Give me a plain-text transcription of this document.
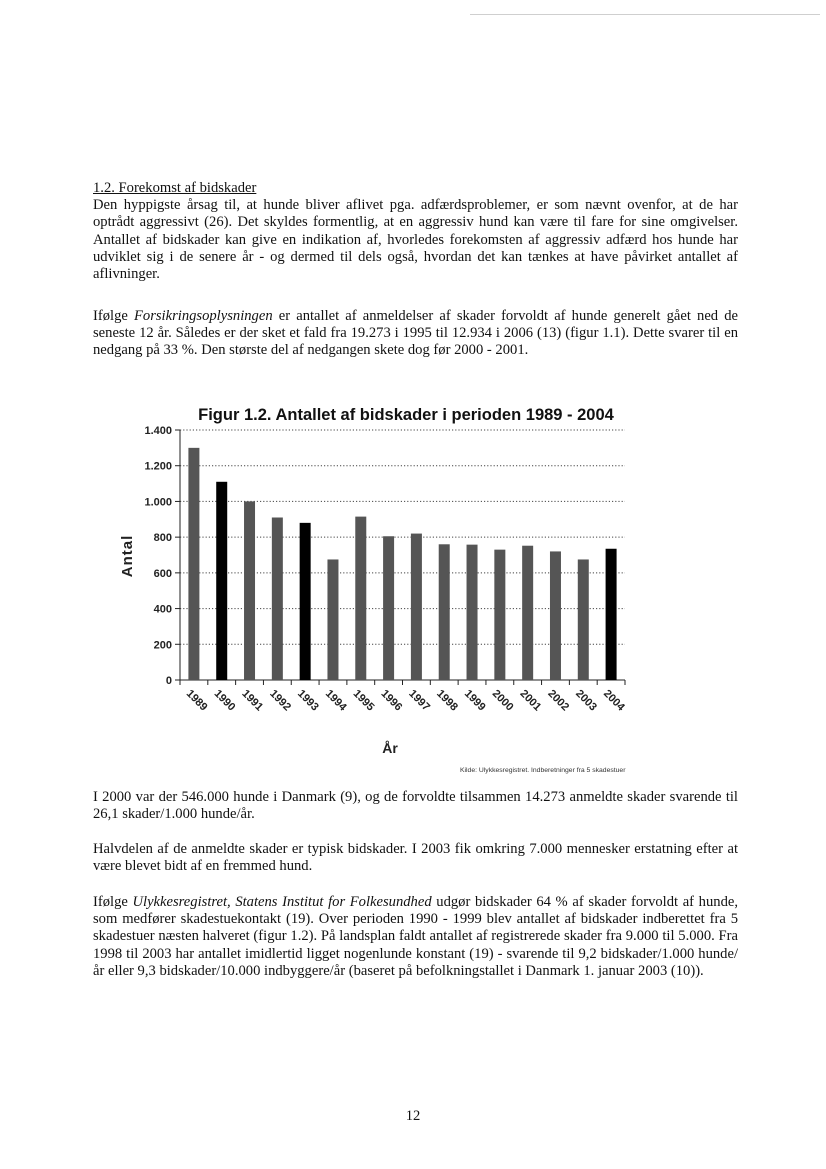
1.2. Forekomst af bidskader

Den hyppigste årsag til, at hunde bliver aflivet pga. adfærdsproblemer, er som nævnt ovenfor, at de har optrådt aggressivt (26). Det skyldes formentlig, at en aggressiv hund kan være til fare for sine omgivelser. Antallet af bidskader kan give en indikation af, hvorledes forekomsten af aggressiv adfærd hos hunde har udviklet sig i de senere år - og dermed til dels også, hvordan det kan tænkes at have påvirket antallet af aflivninger.

Ifølge Forsikringsoplysningen er antallet af anmeldelser af skader forvoldt af hunde generelt gået ned de seneste 12 år. Således er der sket et fald fra 19.273 i 1995 til 12.934 i 2006 (13) (figur 1.1). Dette svarer til en nedgang på 33 %. Den største del af nedgangen skete dog før 2000 - 2001.

Figur 1.2. Antallet af bidskader i perioden 1989 - 2004
0
200
400
600
800
1.000
1.200
1.400
1989 1990 1991 1992 1993 1994 1995 1996 1997 1998 1999 2000 2001 2002 2003 2004
Antal
År
Kilde: Ulykkesregistret. Indberetninger fra 5 skadestuer

I 2000 var der 546.000 hunde i Danmark (9), og de forvoldte tilsammen 14.273 anmeldte skader svarende til 26,1 skader/1.000 hunde/år.

Halvdelen af de anmeldte skader er typisk bidskader. I 2003 fik omkring 7.000 mennesker erstatning efter at være blevet bidt af en fremmed hund.

Ifølge Ulykkesregistret, Statens Institut for Folkesundhed udgør bidskader 64 % af skader forvoldt af hunde, som medfører skadestuekontakt (19). Over perioden 1990 - 1999 blev antallet af bidskader indberettet fra 5 skadestuer næsten halveret (figur 1.2). På landsplan faldt antallet af registrerede skader fra 9.000 til 5.000. Fra 1998 til 2003 har antallet imidlertid ligget nogenlunde konstant (19) - svarende til 9,2 bidskader/1.000 hunde/år eller 9,3 bidskader/10.000 indbyggere/år (baseret på befolkningstallet i Danmark 1. januar 2003 (10)).

12
